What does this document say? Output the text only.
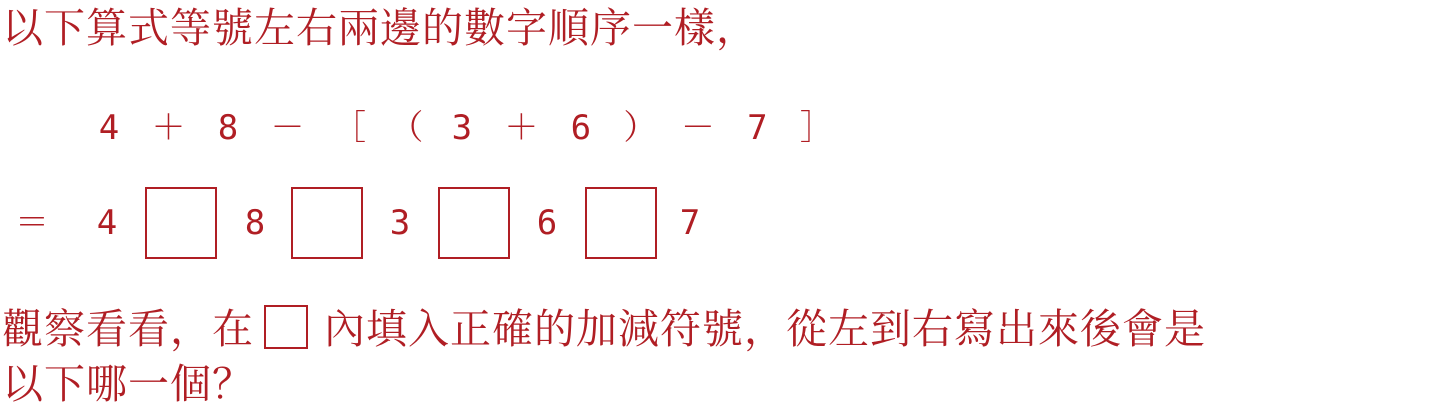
以下算式等號左右兩邊的數字順序一樣，

4 ＋ 8 － ［ （ 3 ＋ 6 ） － 7 ］
＝ 4	8	3	6	7

觀察看看，在 內填入正確的加減符號，從左到右寫出來後會是

以下哪一個？
